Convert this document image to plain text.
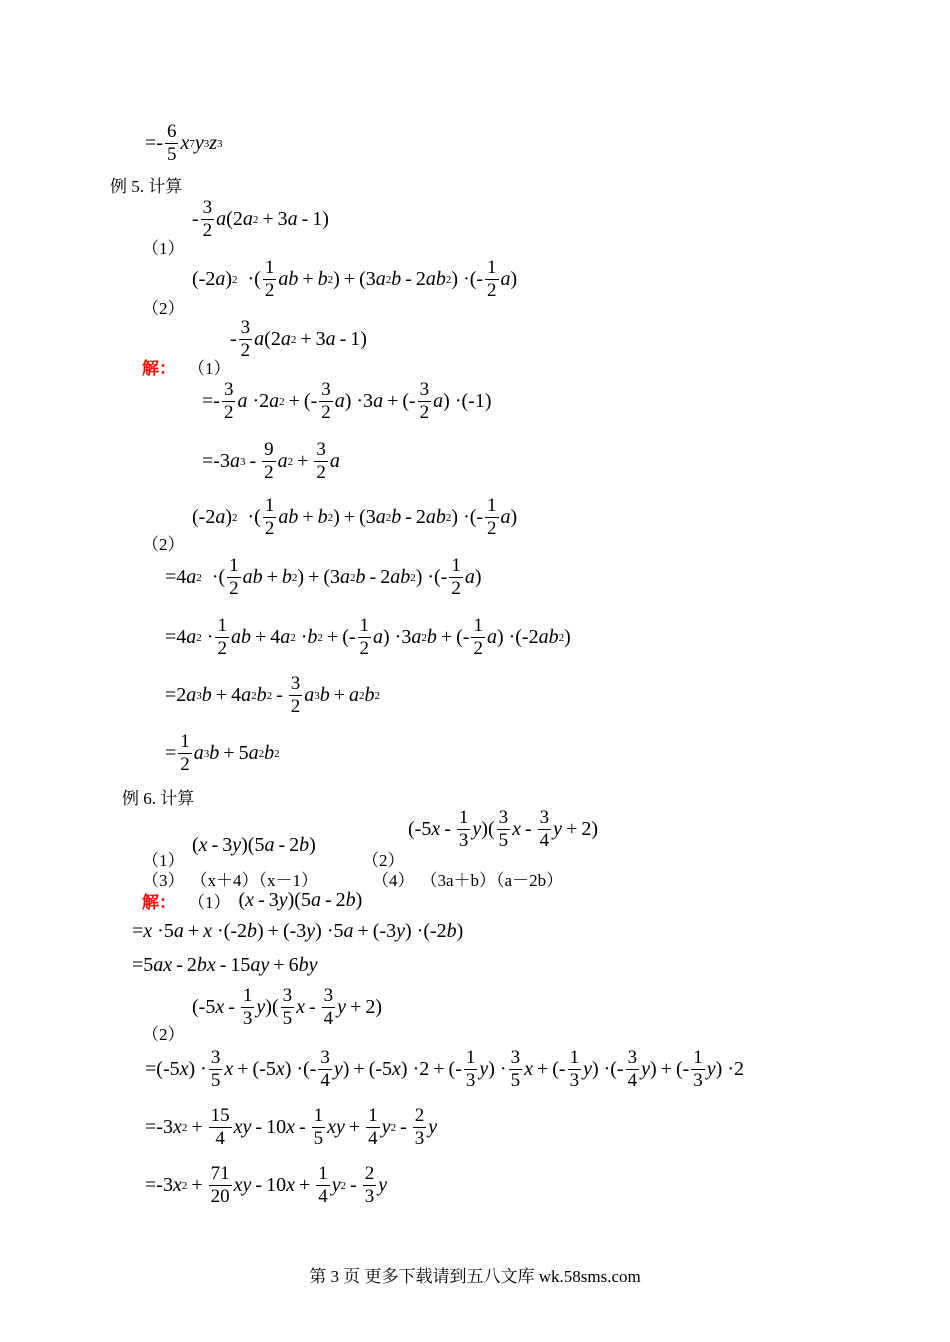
=- $\frac{6}{5}$ x 7 y 3 z 3
例 5. 计算
- $\frac{3}{2}$ a (2 a 2 + 3 a - 1)
（1）
(-2 a ) 2 ·( $\frac{1}{2}$ ab + b 2 ) + (3 a 2 b - 2 ab 2 ) ·(- $\frac{1}{2}$ a )
（2）
- $\frac{3}{2}$ a (2 a 2 + 3 a - 1)
解： （1）
=- $\frac{3}{2}$ a ·2 a 2 + (- $\frac{3}{2}$ a ) ·3 a + (- $\frac{3}{2}$ a ) ·(-1)
=-3 a $3 - \frac{9}{2}$ a $2 + \frac{3}{2}$ a
(-2 a ) 2 ·( $\frac{1}{2}$ ab + b 2 ) + (3 a 2 b - 2 ab 2 ) ·(- $\frac{1}{2}$ a )
（2）
=4 a 2 ·( $\frac{1}{2}$ ab + b 2 ) + (3 a 2 b - 2 ab 2 ) ·(- $\frac{1}{2}$ a )
=4 a $2 \cdot \frac{1}{2}$ ab + 4 a 2 · b 2 + (- $\frac{1}{2}$ a ) ·3 a 2 b + (- $\frac{1}{2}$ a ) ·(-2 ab 2 )
=2 a 3 b + 4 a 2 b $2 - \frac{3}{2}$ a 3 b + a 2 b 2
= $\frac{1}{2}$ a 3 b + 5 a 2 b 2
例 6. 计算
( x - 3 y )(5 a - 2 b )
（1）
(-5 x - $\frac{1}{3}$ y )( $\frac{3}{5}$ x - $\frac{3}{4}$ y + 2)
（2）
（3） （x＋4）（x－1）	（4） （3a＋b）（a－2b）
解： （1） (x - 3y)(5a - 2b)
= x ·5 a + x ·(-2 b ) + (-3 y ) ·5 a + (-3 y ) ·(-2 b )
=5 ax - 2 bx - 15 ay + 6 by
(-5 x - $\frac{1}{3}$ y )( $\frac{3}{5}$ x - $\frac{3}{4}$ y + 2)
（2）
=(-5 x ) · $\frac{3}{5}$ x + (-5 x ) ·(- $\frac{3}{4}$ y ) + (-5 x ) ·2 + (- $\frac{1}{3}$ y ) · $\frac{3}{5}$ x + (- $\frac{1}{3}$ y ) ·(- $\frac{3}{4}$ y ) + (- $\frac{1}{3}$ y ) ·2
=-3 x $2 + \frac{15}{4}$ xy - 10 x - $\frac{1}{5}$ xy + $\frac{1}{4}$ y $2 - \frac{2}{3}$ y
=-3 x $2 + \frac{71}{20}$ xy - 10 $x + \frac{1}{4}$ y $2 - \frac{2}{3}$ y
第 3 页 更多下载请到五八文库 wk.58sms.com
